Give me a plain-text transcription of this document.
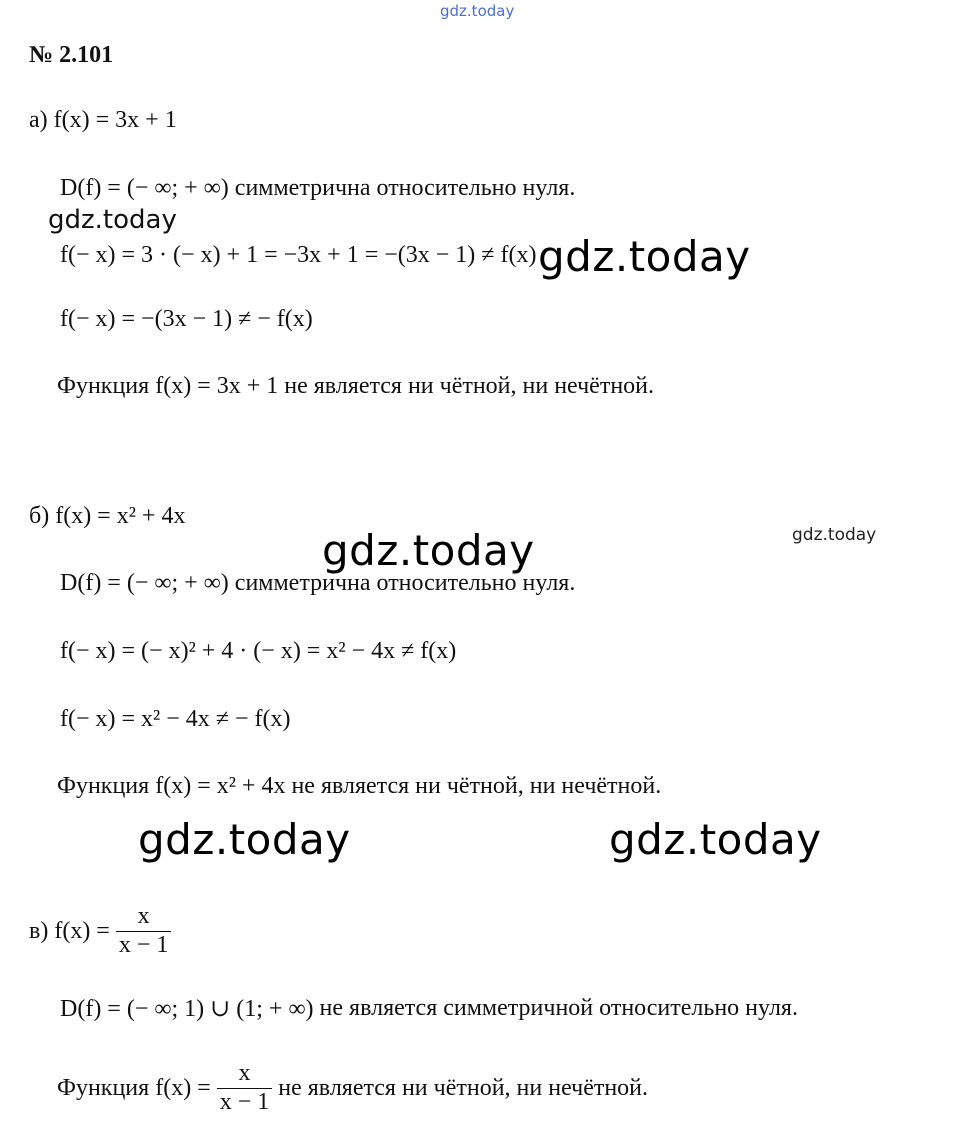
gdz.today
gdz.today
gdz.today
gdz.today
gdz.today
gdz.today	gdz.today
№ 2.101
а) f(x) = 3x + 1
D(f) = (− ∞; + ∞) симметрична относительно нуля.
f(− x) = 3 · (− x) + 1 = −3x + 1 = −(3x − 1) ≠ f(x)
f(− x) = −(3x − 1) ≠ − f(x)
Функция f(x) = 3x + 1 не является ни чётной, ни нечётной.
б) f(x) = x² + 4x
D(f) = (− ∞; + ∞) симметрична относительно нуля.
f(− x) = (− x)² + 4 · (− x) = x² − 4x ≠ f(x)
f(− x) = x² − 4x ≠ − f(x)
Функция f(x) = x² + 4x не является ни чётной, ни нечётной.
в) $f(x) = \frac{x}{x - 1}$
D(f) = (− ∞; 1) ∪ (1; + ∞) не является симметричной относительно нуля.
Функция $f(x) = \frac{x}{x - 1}$ не является ни чётной, ни нечётной.
